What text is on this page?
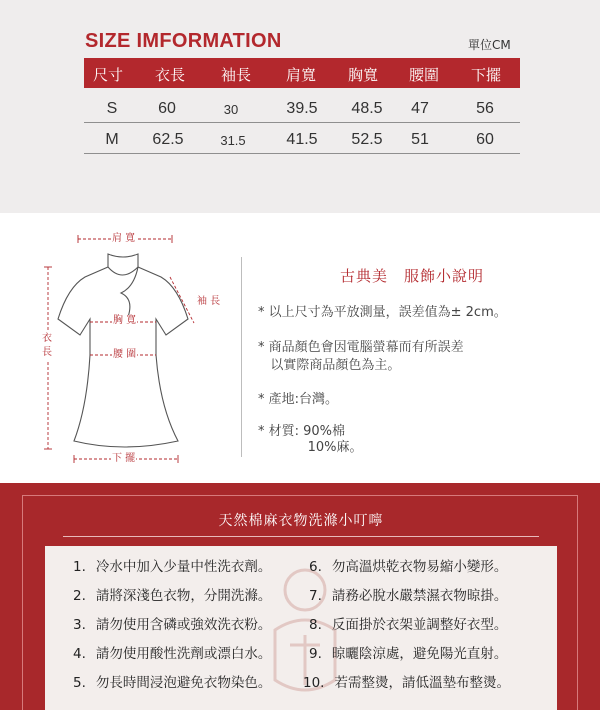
SIZE IMFORMATION	單位CM
尺寸 衣長 袖長 肩寬 胸寬 腰圍 下擺
S	60	30	39.5 48.5 47	56
M 62.5	31.5	41.5 52.5 51	60
肩 寬
袖 長
胸 寬
腰 圍
衣
長
下 擺
古典美　服飾小說明
* 以上尺寸為平放測量，誤差值為± 2cm。
* 商品顏色會因電腦螢幕而有所誤差
以實際商品顏色為主。
* 產地:台灣。
* 材質: 90%棉
10%麻。
天然棉麻衣物洗滌小叮嚀
1. 冷水中加入少量中性洗衣劑。
2. 請將深淺色衣物，分開洗滌。
3. 請勿使用含磷或強效洗衣粉。
4. 請勿使用酸性洗劑或漂白水。
5. 勿長時間浸泡避免衣物染色。
6. 勿高溫烘乾衣物易縮小變形。
7. 請務必脫水嚴禁濕衣物晾掛。
8. 反面掛於衣架並調整好衣型。
9. 晾曬陰涼處，避免陽光直射。
10. 若需整燙，請低溫墊布整燙。
